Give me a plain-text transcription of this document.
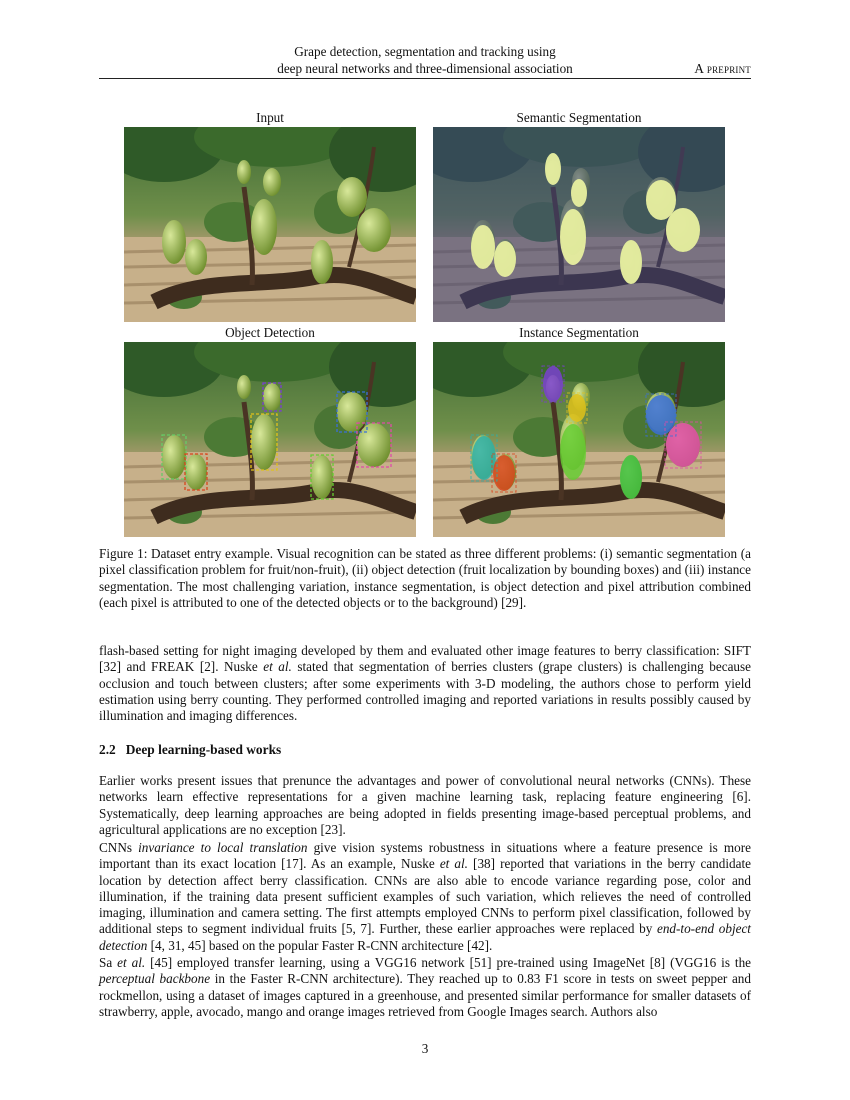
Grape detection, segmentation and tracking using
deep neural networks and three-dimensional association	A preprint
Input	Semantic Segmentation
Object Detection	Instance Segmentation
Figure 1: Dataset entry example. Visual recognition can be stated as three different problems: (i) semantic segmentation (a pixel classification problem for fruit/non-fruit), (ii) object detection (fruit localization by bounding boxes) and (iii) instance segmentation. The most challenging variation, instance segmentation, is object detection and pixel attribution combined (each pixel is attributed to one of the detected objects or to the background) [29].

flash-based setting for night imaging developed by them and evaluated other image features to berry classification: SIFT [32] and FREAK [2]. Nuske et al. stated that segmentation of berries clusters (grape clusters) is challenging because occlusion and touch between clusters; after some experiments with 3-D modeling, the authors chose to perform yield estimation using berry counting. They performed controlled imaging and reported variations in results possibly caused by illumination and imaging differences.

2.2 Deep learning-based works

Earlier works present issues that prenunce the advantages and power of convolutional neural networks (CNNs). These networks learn effective representations for a given machine learning task, replacing feature engineering [6]. Systematically, deep learning approaches are being adopted in fields presenting image-based perceptual problems, and agricultural applications are no exception [23].

CNNs invariance to local translation give vision systems robustness in situations where a feature presence is more important than its exact location [17]. As an example, Nuske et al. [38] reported that variations in the berry candidate location by detection affect berry classification. CNNs are also able to encode variance regarding pose, color and illumination, if the training data present sufficient examples of such variation, which relieves the need of controlled imaging, illumination and camera setting. The first attempts employed CNNs to perform pixel classification, followed by additional steps to segment individual fruits [5, 7]. Further, these earlier approaches were replaced by end-to-end object detection [4, 31, 45] based on the popular Faster R-CNN architecture [42].

Sa et al. [45] employed transfer learning, using a VGG16 network [51] pre-trained using ImageNet [8] (VGG16 is the perceptual backbone in the Faster R-CNN architecture). They reached up to 0.83 F1 score in tests on sweet pepper and rockmellon, using a dataset of images captured in a greenhouse, and presented similar performance for smaller datasets of strawberry, apple, avocado, mango and orange images retrieved from Google Images search. Authors also

3
